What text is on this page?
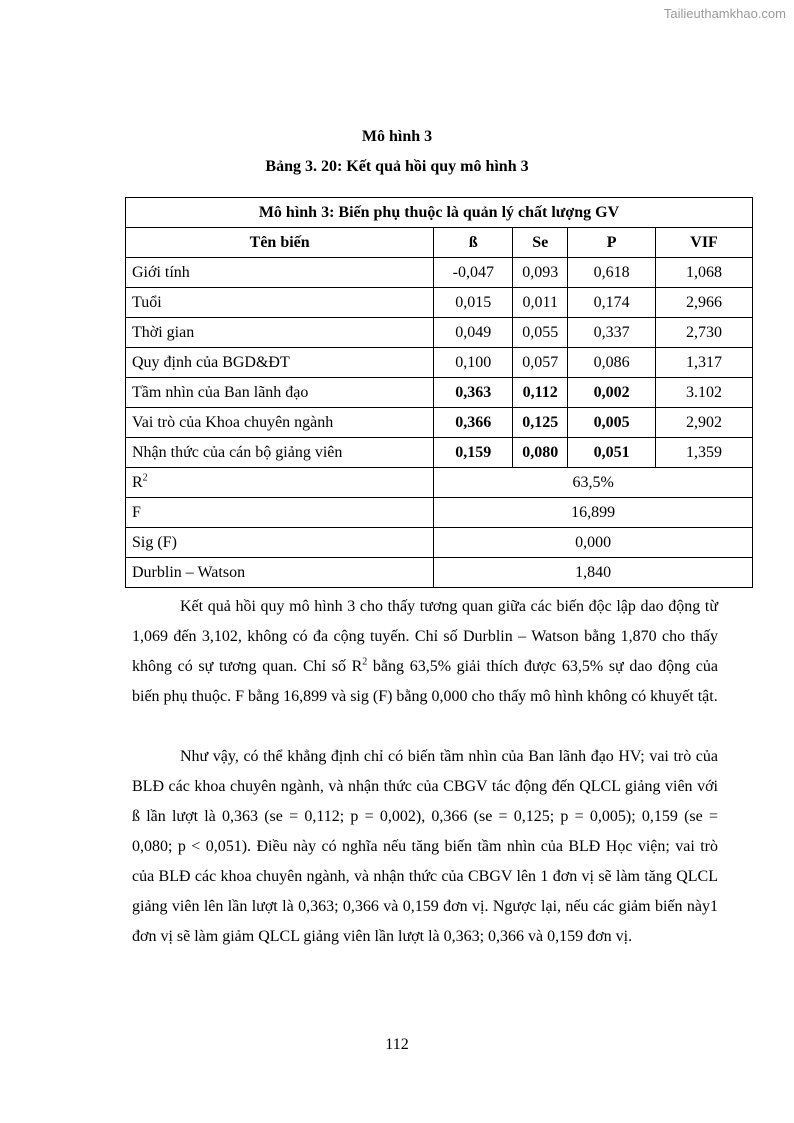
Tailieuthamkhao.com
Mô hình 3
Bảng 3. 20: Kết quả hồi quy mô hình 3
Mô hình 3: Biến phụ thuộc là quản lý chất lượng GV				
Tên biến	ß	Se	P	VIF
Giới tính	-0,047	0,093	0,618	1,068
Tuổi	0,015	0,011	0,174	2,966
Thời gian	0,049	0,055	0,337	2,730
Quy định của BGD&ĐT	0,100	0,057	0,086	1,317
Tầm nhìn của Ban lãnh đạo	0,363	0,112	0,002	3.102
Vai trò của Khoa chuyên ngành	0,366	0,125	0,005	2,902
Nhận thức của cán bộ giảng viên	0,159	0,080	0,051	1,359
$R^2$	63,5%			
F	16,899			
Sig (F)	0,000			
Durblin – Watson	1,840			

Kết quả hồi quy mô hình 3 cho thấy tương quan giữa các biến độc lập dao động từ 1,069 đến 3,102, không có đa cộng tuyến. Chỉ số Durblin – Watson bằng 1,870 cho thấy không có sự tương quan. Chỉ số $R^2$ bằng 63,5% giải thích được 63,5% sự dao động của biến phụ thuộc. F bằng 16,899 và sig (F) bằng 0,000 cho thấy mô hình không có khuyết tật.

Như vậy, có thể khẳng định chỉ có biến tầm nhìn của Ban lãnh đạo HV; vai trò của BLĐ các khoa chuyên ngành, và nhận thức của CBGV tác động đến QLCL giảng viên với ß lần lượt là 0,363 (se = 0,112; p = 0,002), 0,366 (se = 0,125; p = 0,005); 0,159 (se = 0,080; p < 0,051). Điều này có nghĩa nếu tăng biến tầm nhìn của BLĐ Học viện; vai trò của BLĐ các khoa chuyên ngành, và nhận thức của CBGV lên 1 đơn vị sẽ làm tăng QLCL giảng viên lên lần lượt là 0,363; 0,366 và 0,159 đơn vị. Ngược lại, nếu các giảm biến này1 đơn vị sẽ làm giảm QLCL giảng viên lần lượt là 0,363; 0,366 và 0,159 đơn vị.

112
